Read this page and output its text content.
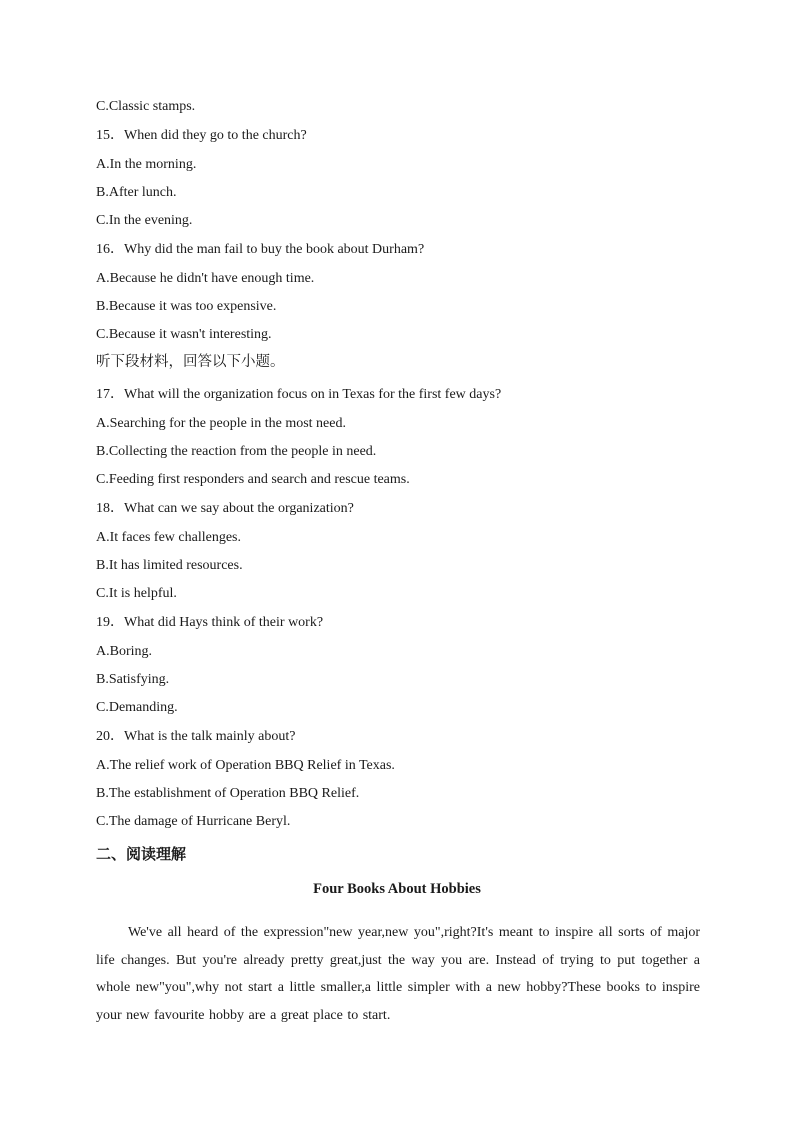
C.Classic stamps.
15．When did they go to the church?
A.In the morning.
B.After lunch.
C.In the evening.
16．Why did the man fail to buy the book about Durham?
A.Because he didn't have enough time.
B.Because it was too expensive.
C.Because it wasn't interesting.
听下段材料，回答以下小题。
17．What will the organization focus on in Texas for the first few days?
A.Searching for the people in the most need.
B.Collecting the reaction from the people in need.
C.Feeding first responders and search and rescue teams.
18．What can we say about the organization?
A.It faces few challenges.
B.It has limited resources.
C.It is helpful.
19．What did Hays think of their work?
A.Boring.
B.Satisfying.
C.Demanding.
20．What is the talk mainly about?
A.The relief work of Operation BBQ Relief in Texas.
B.The establishment of Operation BBQ Relief.
C.The damage of Hurricane Beryl.
二、阅读理解
Four Books About Hobbies
We've all heard of the expression"new year,new you",right?It's meant to inspire all sorts of major life changes. But you're already pretty great,just the way you are. Instead of trying to put together a whole new"you",why not start a little smaller,a little simpler with a new hobby?These books to inspire your new favourite hobby are a great place to start.
